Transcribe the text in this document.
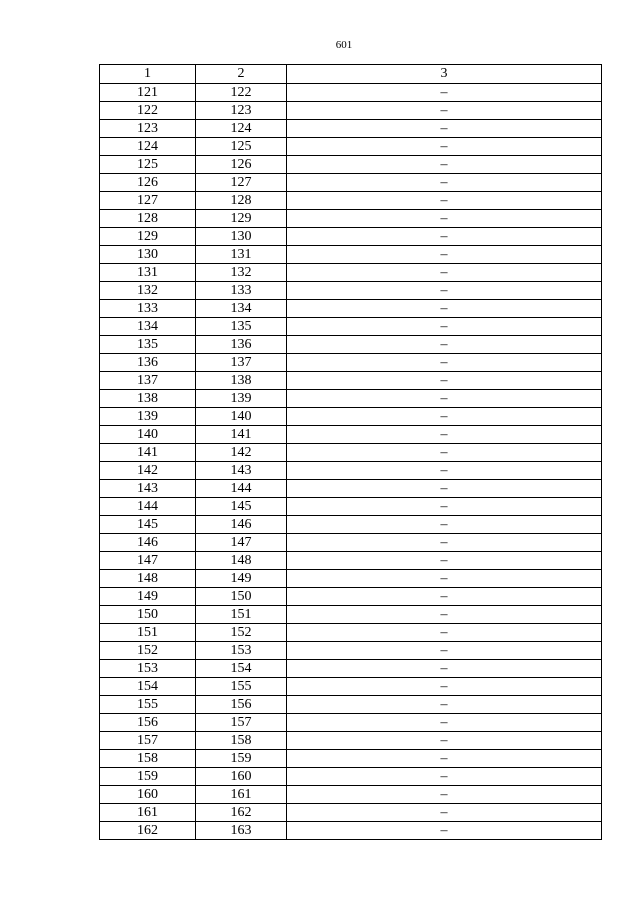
601
1	2	3
121	122	–
122	123	–
123	124	–
124	125	–
125	126	–
126	127	–
127	128	–
128	129	–
129	130	–
130	131	–
131	132	–
132	133	–
133	134	–
134	135	–
135	136	–
136	137	–
137	138	–
138	139	–
139	140	–
140	141	–
141	142	–
142	143	–
143	144	–
144	145	–
145	146	–
146	147	–
147	148	–
148	149	–
149	150	–
150	151	–
151	152	–
152	153	–
153	154	–
154	155	–
155	156	–
156	157	–
157	158	–
158	159	–
159	160	–
160	161	–
161	162	–
162	163	–
